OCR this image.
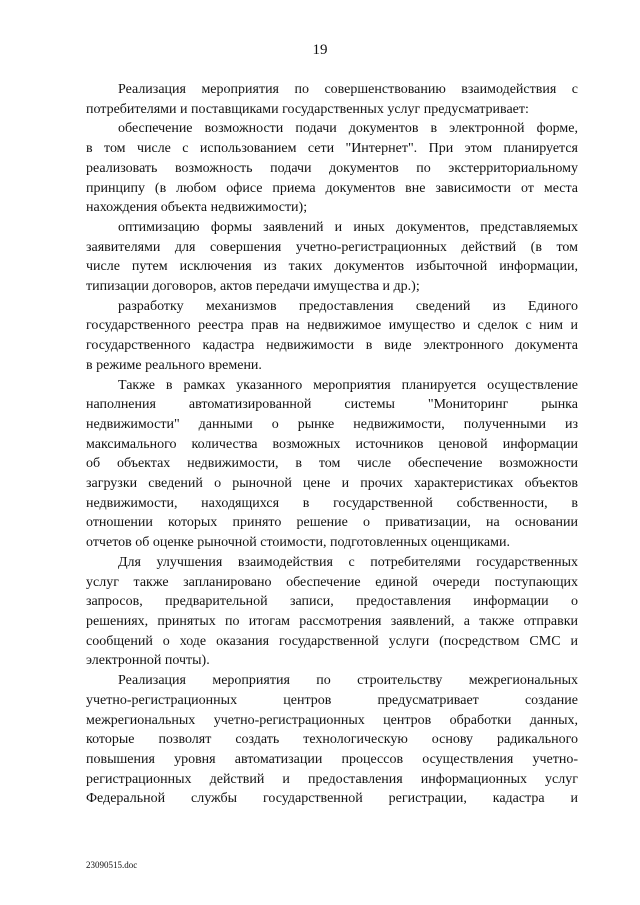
19
Реализация мероприятия по совершенствованию взаимодействия с
потребителями и поставщиками государственных услуг предусматривает:
обеспечение возможности подачи документов в электронной форме,
в том числе с использованием сети "Интернет". При этом планируется
реализовать возможность подачи документов по экстерриториальному
принципу (в любом офисе приема документов вне зависимости от места
нахождения объекта недвижимости);
оптимизацию формы заявлений и иных документов, представляемых
заявителями для совершения учетно-регистрационных действий (в том
числе путем исключения из таких документов избыточной информации,
типизации договоров, актов передачи имущества и др.);
разработку механизмов предоставления сведений из Единого
государственного реестра прав на недвижимое имущество и сделок с ним и
государственного кадастра недвижимости в виде электронного документа
в режиме реального времени.
Также в рамках указанного мероприятия планируется осуществление
наполнения автоматизированной системы "Мониторинг рынка
недвижимости" данными о рынке недвижимости, полученными из
максимального количества возможных источников ценовой информации
об объектах недвижимости, в том числе обеспечение возможности
загрузки сведений о рыночной цене и прочих характеристиках объектов
недвижимости, находящихся в государственной собственности, в
отношении которых принято решение о приватизации, на основании
отчетов об оценке рыночной стоимости, подготовленных оценщиками.
Для улучшения взаимодействия с потребителями государственных
услуг также запланировано обеспечение единой очереди поступающих
запросов, предварительной записи, предоставления информации о
решениях, принятых по итогам рассмотрения заявлений, а также отправки
сообщений о ходе оказания государственной услуги (посредством СМС и
электронной почты).
Реализация мероприятия по строительству межрегиональных
учетно-регистрационных центров предусматривает создание
межрегиональных учетно-регистрационных центров обработки данных,
которые позволят создать технологическую основу радикального
повышения уровня автоматизации процессов осуществления учетно-
регистрационных действий и предоставления информационных услуг
Федеральной службы государственной регистрации, кадастра и
23090515.doc
